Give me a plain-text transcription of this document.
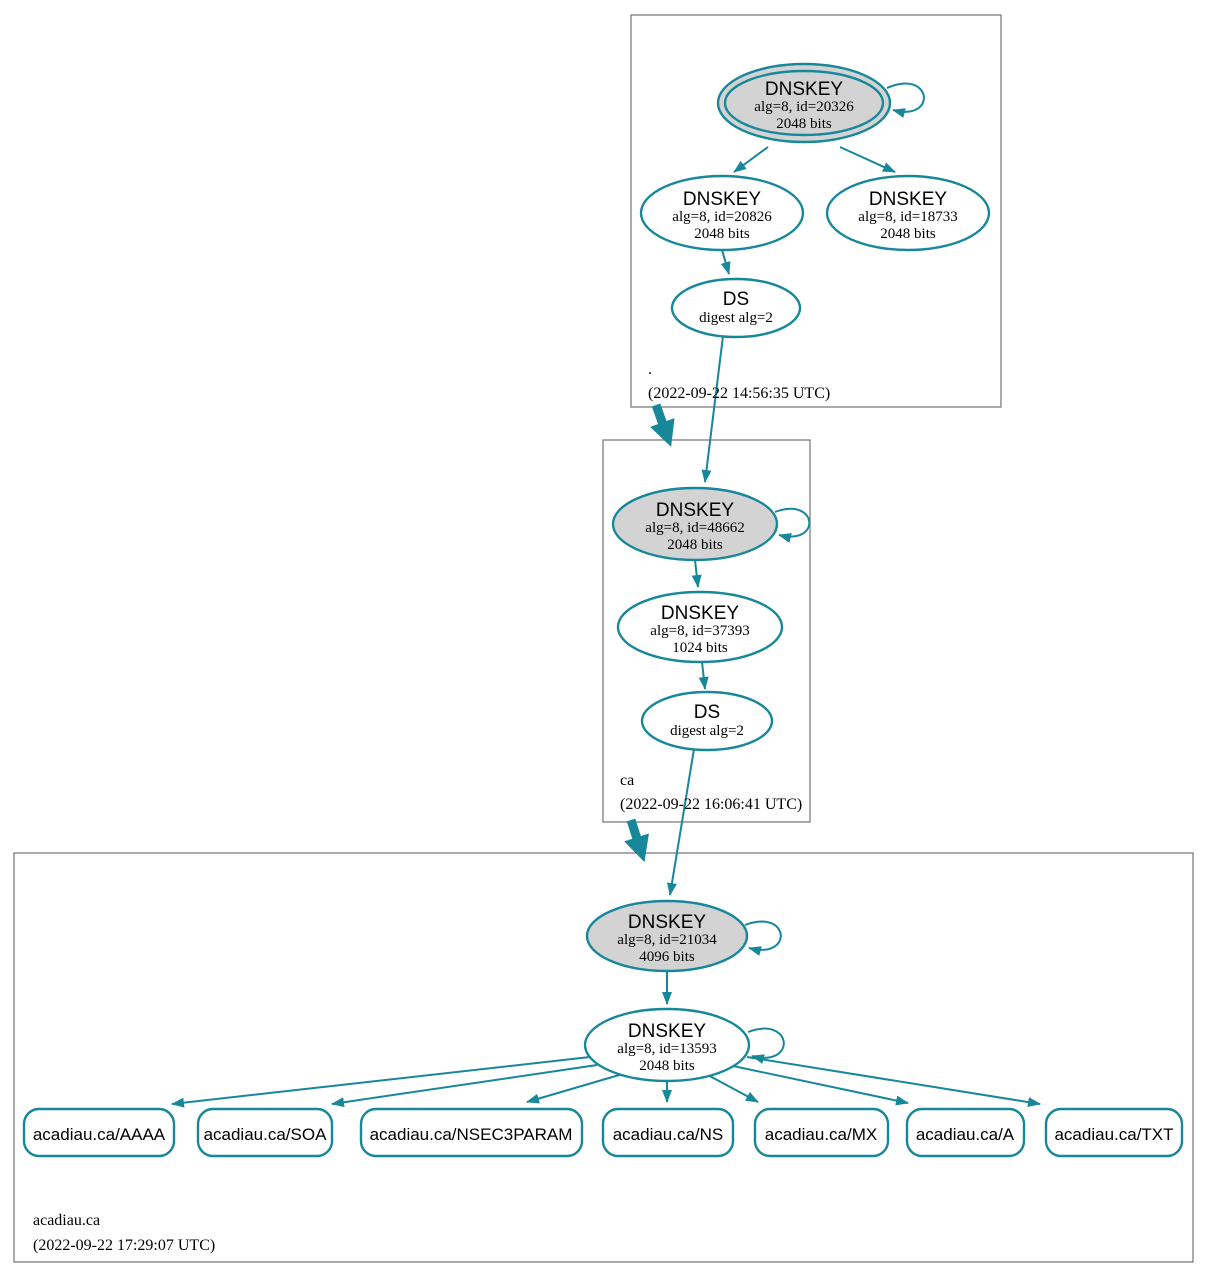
DNSKEY
alg=8, id=20326
2048 bits
DNSKEY
alg=8, id=20826
2048 bits
DNSKEY
alg=8, id=18733
2048 bits
DS
digest alg=2
.
(2022-09-22 14:56:35 UTC)
DNSKEY
alg=8, id=48662
2048 bits
DNSKEY
alg=8, id=37393
1024 bits
DS
digest alg=2
ca
(2022-09-22 16:06:41 UTC)
DNSKEY
alg=8, id=21034
4096 bits
DNSKEY
alg=8, id=13593
2048 bits
acadiau.ca/AAAA acadiau.ca/SOA	acadiau.ca/NSEC3PARAM acadiau.ca/NS acadiau.ca/MX acadiau.ca/A acadiau.ca/TXT
acadiau.ca
(2022-09-22 17:29:07 UTC)
